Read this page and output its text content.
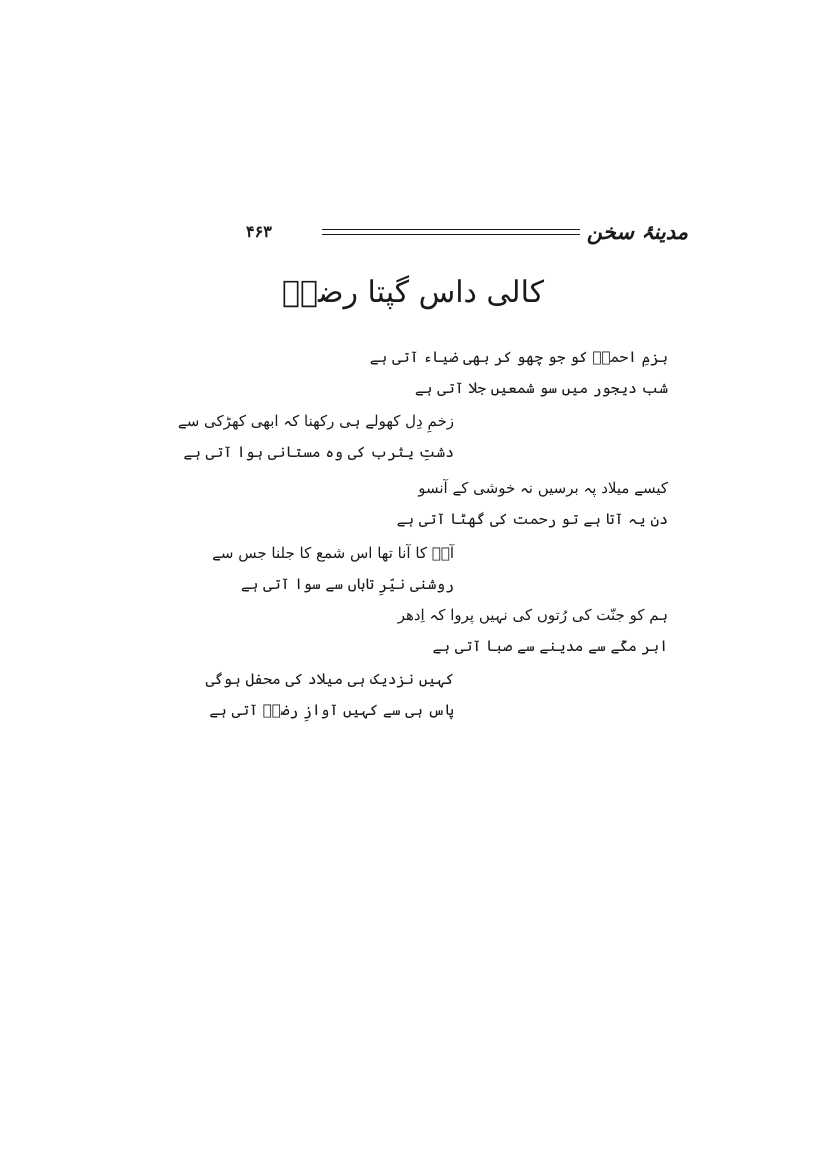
مدینۂ سخن
۴۶۳
کالی داس گپتا رضاؔ
بزمِ احمدؐ کو جو چھو کر بھی ضیاء آتی ہے
شب دیجور میں سو شمعیں جلا آتی ہے
زخمِ دِل کھولے ہی رکھنا کہ ابھی کھڑکی سے
دشتِ یثرب کی وہ مستانی ہوا آتی ہے
کیسے میلاد پہ برسیں نہ خوشی کے آنسو
دن یہ آتا ہے تو رحمت کی گھٹا آتی ہے
آپؐ کا آنا تھا اس شمع کا جلنا جس سے
روشنی نیّرِ تاباں سے سوا آتی ہے
ہم کو جنّت کی رُتوں کی نہیں پروا کہ اِدھر
ابر مکّے سے مدینے سے صبا آتی ہے
کہیں نزدیک ہی میلاد کی محفل ہوگی
پاس ہی سے کہیں آوازِ رضاؔ آتی ہے
